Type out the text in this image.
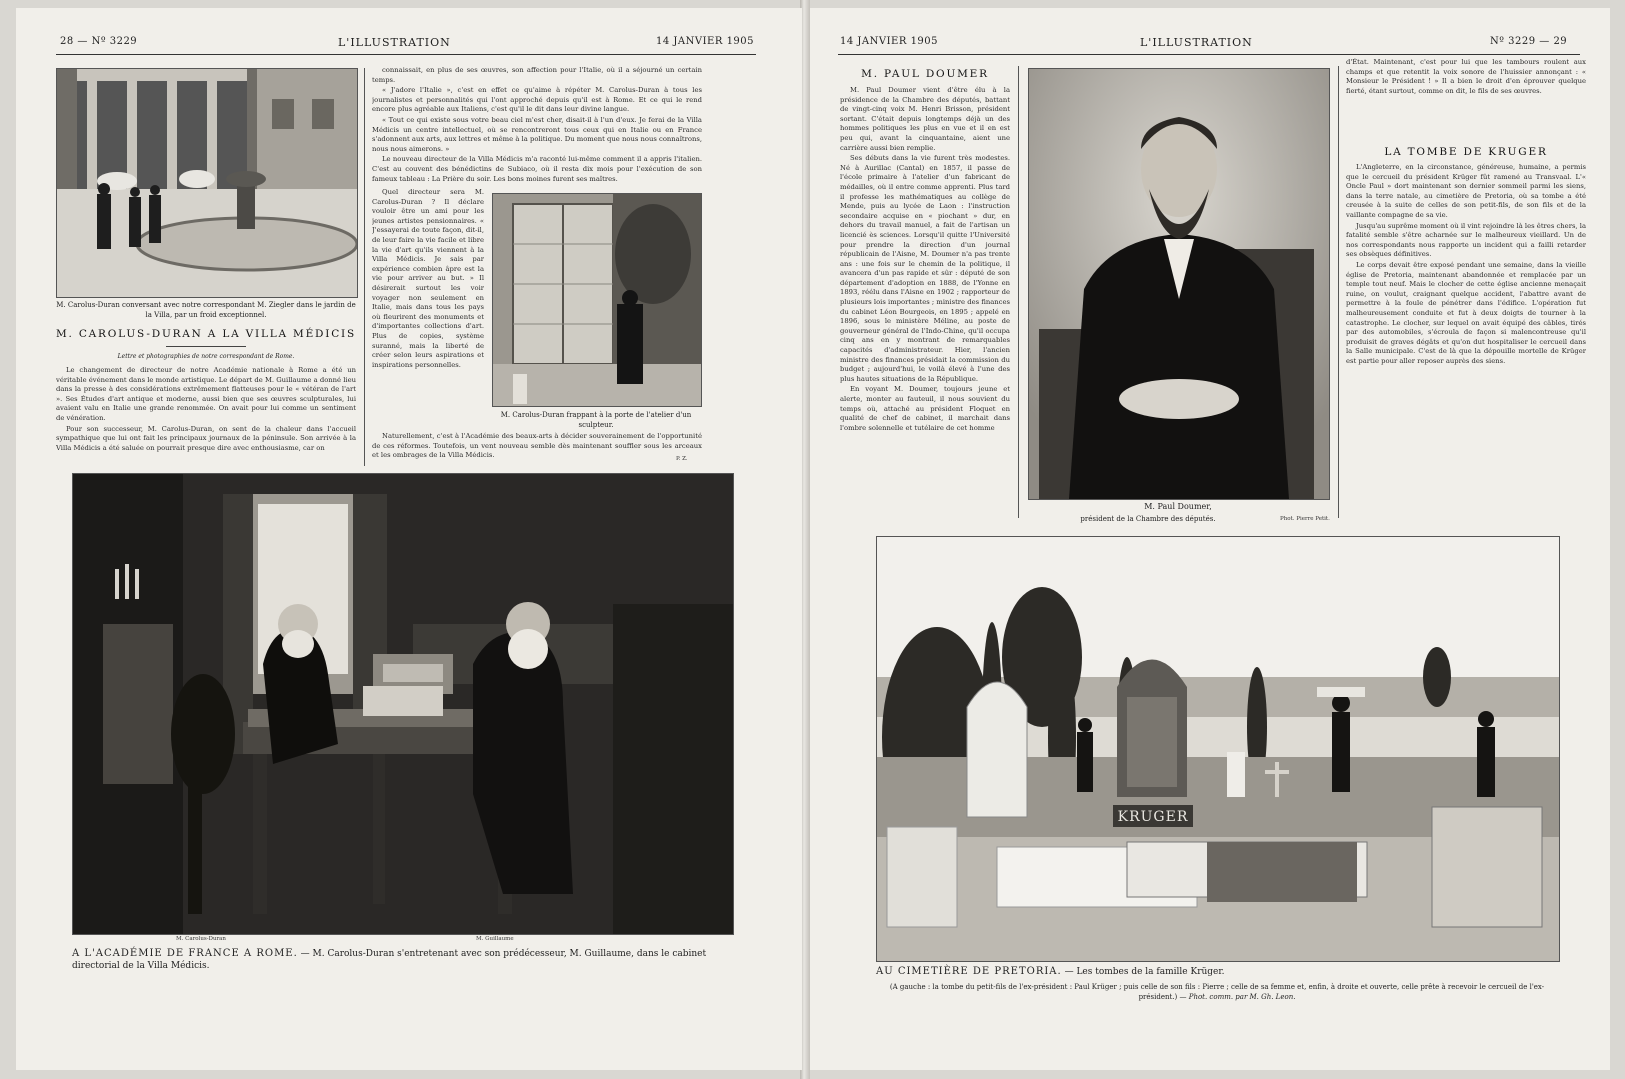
28 — Nº 3229	L'ILLUSTRATION	14 JANVIER 1905
M. Carolus-Duran conversant avec notre correspondant M. Ziegler dans le jardin de la Villa, par un froid exceptionnel.
M. CAROLUS-DURAN A LA VILLA MÉDICIS
Lettre et photographies de notre correspondant de Rome.

Le changement de directeur de notre Académie nationale à Rome a été un véritable événement dans le monde artistique. Le départ de M. Guillaume a donné lieu dans la presse à des considérations extrêmement flatteuses pour le « vétéran de l'art ». Ses Études d'art antique et moderne, aussi bien que ses œuvres sculpturales, lui avaient valu en Italie une grande renommée. On avait pour lui comme un sentiment de vénération.

Pour son successeur, M. Carolus-Duran, on sent de la chaleur dans l'accueil sympathique que lui ont fait les principaux journaux de la péninsule. Son arrivée à la Villa Médicis a été saluée on pourrait presque dire avec enthousiasme, car on

connaissait, en plus de ses œuvres, son affection pour l'Italie, où il a séjourné un certain temps.

« J'adore l'Italie », c'est en effet ce qu'aime à répéter M. Carolus-Duran à tous les journalistes et personnalités qui l'ont approché depuis qu'il est à Rome. Et ce qui le rend encore plus agréable aux Italiens, c'est qu'il le dit dans leur divine langue.

« Tout ce qui existe sous votre beau ciel m'est cher, disait-il à l'un d'eux. Je ferai de la Villa Médicis un centre intellectuel, où se rencontreront tous ceux qui en Italie ou en France s'adonnent aux arts, aux lettres et même à la politique. Du moment que nous nous connaîtrons, nous nous aimerons. »

Le nouveau directeur de la Villa Médicis m'a raconté lui-même comment il a appris l'italien. C'est au couvent des bénédictins de Subiaco, où il resta dix mois pour l'exécution de son fameux tableau : La Prière du soir. Les bons moines furent ses maîtres.

Quel directeur sera M. Carolus-Duran ? Il déclare vouloir être un ami pour les jeunes artistes pensionnaires. « J'essayerai de toute façon, dit-il, de leur faire la vie facile et libre la vie d'art qu'ils viennent à la Villa Médicis. Je sais par expérience combien âpre est la vie pour arriver au but. » Il désirerait surtout les voir voyager non seulement en Italie, mais dans tous les pays où fleurirent des monuments et d'importantes collections d'art. Plus de copies, système suranné, mais la liberté de créer selon leurs aspirations et inspirations personnelles.

M. Carolus-Duran frappant à la porte de l'atelier d'un sculpteur.

Naturellement, c'est à l'Académie des beaux-arts à décider souverainement de l'opportunité de ces réformes. Toutefois, un vent nouveau semble dès maintenant souffler sous les arceaux et les ombrages de la Villa Médicis.	P. Z.
M. Carolus-Duran	M. Guillaume
A L'ACADÉMIE DE FRANCE A ROME. — M. Carolus-Duran s'entretenant avec son prédécesseur, M. Guillaume, dans le cabinet directorial de la Villa Médicis.
14 JANVIER 1905	L'ILLUSTRATION	Nº 3229 — 29
M. PAUL DOUMER

M. Paul Doumer vient d'être élu à la présidence de la Chambre des députés, battant de vingt-cinq voix M. Henri Brisson, président sortant. C'était depuis longtemps déjà un des hommes politiques les plus en vue et il en est peu qui, avant la cinquantaine, aient une carrière aussi bien remplie.

Ses débuts dans la vie furent très modestes. Né à Aurillac (Cantal) en 1857, il passe de l'école primaire à l'atelier d'un fabricant de médailles, où il entre comme apprenti. Plus tard il professe les mathématiques au collège de Mende, puis au lycée de Laon : l'instruction secondaire acquise en « piochant » dur, en dehors du travail manuel, a fait de l'artisan un licencié ès sciences. Lorsqu'il quitte l'Université pour prendre la direction d'un journal républicain de l'Aisne, M. Doumer n'a pas trente ans : une fois sur le chemin de la politique, il avancera d'un pas rapide et sûr : député de son département d'adoption en 1888, de l'Yonne en 1893, réélu dans l'Aisne en 1902 ; rapporteur de plusieurs lois importantes ; ministre des finances du cabinet Léon Bourgeois, en 1895 ; appelé en 1896, sous le ministère Méline, au poste de gouverneur général de l'Indo-Chine, qu'il occupa cinq ans en y montrant de remarquables capacités d'administrateur. Hier, l'ancien ministre des finances présidait la commission du budget ; aujourd'hui, le voilà élevé à l'une des plus hautes situations de la République.

En voyant M. Doumer, toujours jeune et alerte, monter au fauteuil, il nous souvient du temps où, attaché au président Floquet en qualité de chef de cabinet, il marchait dans l'ombre solennelle et tutélaire de cet homme

M. Paul Doumer,
président de la Chambre des députés.	Phot. Pierre Petit.

d'État. Maintenant, c'est pour lui que les tambours roulent aux champs et que retentit la voix sonore de l'huissier annonçant : « Monsieur le Président ! » Il a bien le droit d'en éprouver quelque fierté, étant surtout, comme on dit, le fils de ses œuvres.

LA TOMBE DE KRUGER

L'Angleterre, en la circonstance, généreuse, humaine, a permis que le cercueil du président Krüger fût ramené au Transvaal. L'« Oncle Paul » dort maintenant son dernier sommeil parmi les siens, dans la terre natale, au cimetière de Pretoria, où sa tombe a été creusée à la suite de celles de son petit-fils, de son fils et de la vaillante compagne de sa vie.

Jusqu'au suprême moment où il vint rejoindre là les êtres chers, la fatalité semble s'être acharnée sur le malheureux vieillard. Un de nos correspondants nous rapporte un incident qui a failli retarder ses obsèques définitives.

Le corps devait être exposé pendant une semaine, dans la vieille église de Pretoria, maintenant abandonnée et remplacée par un temple tout neuf. Mais le clocher de cette église ancienne menaçait ruine, on voulut, craignant quelque accident, l'abattre avant de permettre à la foule de pénétrer dans l'édifice. L'opération fut malheureusement conduite et fut à deux doigts de tourner à la catastrophe. Le clocher, sur lequel on avait équipé des câbles, tirés par des automobiles, s'écroula de façon si malencontreuse qu'il produisit de graves dégâts et qu'on dut hospitaliser le cercueil dans la Salle municipale. C'est de là que la dépouille mortelle de Krüger est partie pour aller reposer auprès des siens.

KRUGER
AU CIMETIÈRE DE PRETORIA. — Les tombes de la famille Krüger.
(A gauche : la tombe du petit-fils de l'ex-président : Paul Krüger ; puis celle de son fils : Pierre ; celle de sa femme et, enfin, à droite et ouverte, celle prête à recevoir le cercueil de l'ex-président.) — Phot. comm. par M. Gh. Leon.
